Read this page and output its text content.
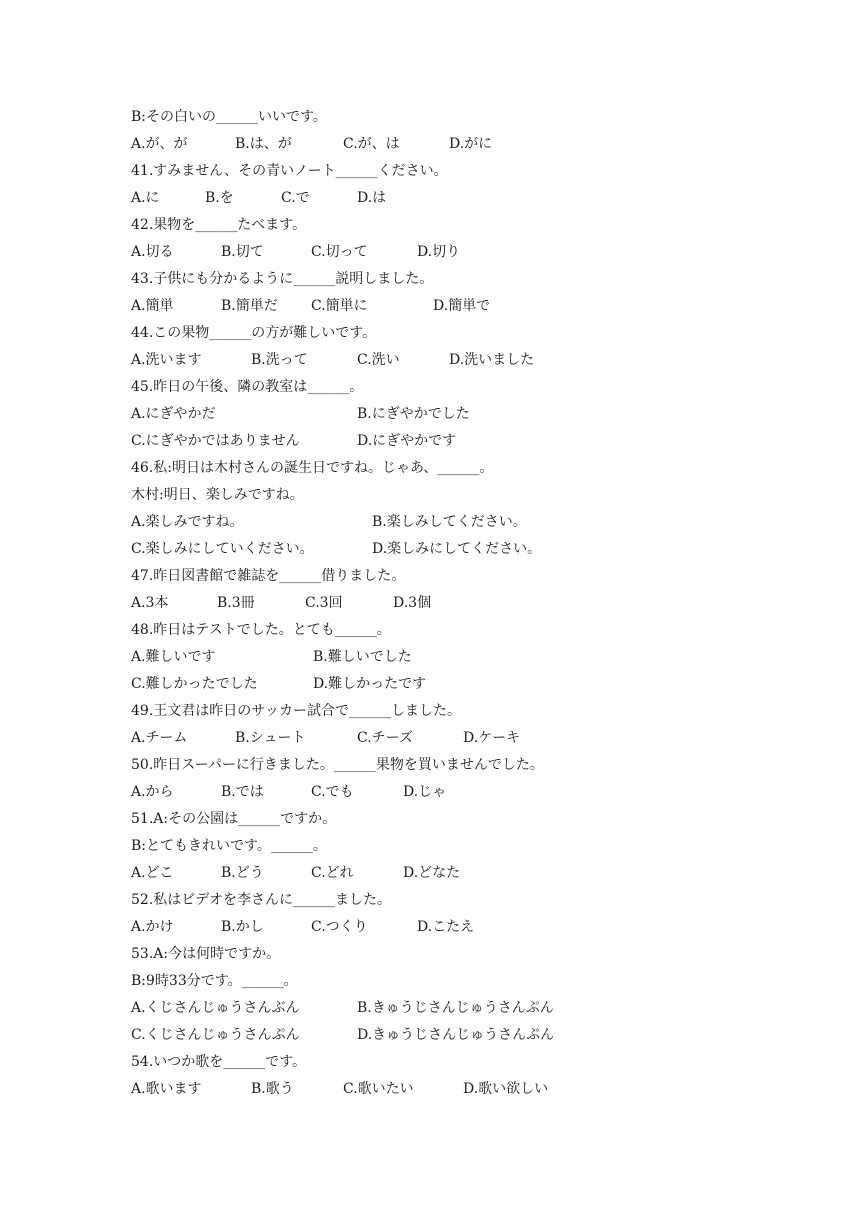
B:その白いの______いいです。
A.が、が	B.は、が	C.が、は	D.がに
41.すみません、その青いノート______ください。
A.に	B.を	C.で	D.は
42.果物を______たべます。
A.切る	B.切て	C.切って	D.切り
43.子供にも分かるように______説明しました。
A.簡単	B.簡単だ C.簡単に	D.簡単で
44.この果物______の方が難しいです。
A.洗います	B.洗って	C.洗い	D.洗いました
45.昨日の午後、隣の教室は______。
A.にぎやかだ	B.にぎやかでした
C.にぎやかではありません	D.にぎやかです
46.私:明日は木村さんの誕生日ですね。じゃあ、______。
木村:明日、楽しみですね。
A.楽しみですね。	B.楽しみしてください。
C.楽しみにしていください。	D.楽しみにしてください。
47.昨日図書館で雑誌を______借りました。
A.3本	B.3冊	C.3回	D.3個
48.昨日はテストでした。とても______。
A.難しいです	B.難しいでした
C.難しかったでした	D.難しかったです
49.王文君は昨日のサッカー試合で______しました。
A.チーム	B.シュート	C.チーズ	D.ケーキ
50.昨日スーパーに行きました。______果物を買いませんでした。
A.から	B.では	C.でも	D.じゃ
51.A:その公園は______ですか。
B:とてもきれいです。______。
A.どこ	B.どう	C.どれ	D.どなた
52.私はビデオを李さんに______ました。
A.かけ	B.かし	C.つくり	D.こたえ
53.A:今は何時ですか。
B:9時33分です。______。
A.くじさんじゅうさんぶん	B.きゅうじさんじゅうさんぷん
C.くじさんじゅうさんぷん	D.きゅうじさんじゅうさんぷん
54.いつか歌を______です。
A.歌います	B.歌う	C.歌いたい	D.歌い欲しい
